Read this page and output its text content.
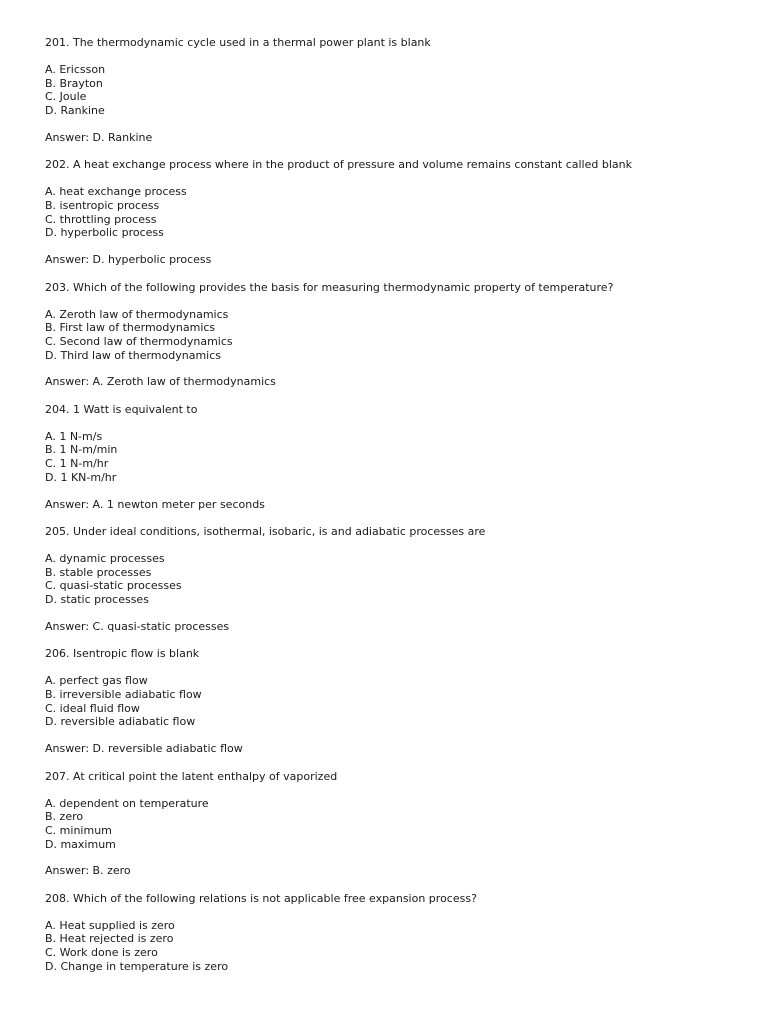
201. The thermodynamic cycle used in a thermal power plant is blank

A. Ericsson
B. Brayton
C. Joule
D. Rankine

Answer: D. Rankine

202. A heat exchange process where in the product of pressure and volume remains constant called blank

A. heat exchange process
B. isentropic process
C. throttling process
D. hyperbolic process

Answer: D. hyperbolic process

203. Which of the following provides the basis for measuring thermodynamic property of temperature?

A. Zeroth law of thermodynamics
B. First law of thermodynamics
C. Second law of thermodynamics
D. Third law of thermodynamics

Answer: A. Zeroth law of thermodynamics

204. 1 Watt is equivalent to

A. 1 N-m/s
B. 1 N-m/min
C. 1 N-m/hr
D. 1 KN-m/hr

Answer: A. 1 newton meter per seconds

205. Under ideal conditions, isothermal, isobaric, is and adiabatic processes are

A. dynamic processes
B. stable processes
C. quasi-static processes
D. static processes

Answer: C. quasi-static processes

206. Isentropic flow is blank

A. perfect gas flow
B. irreversible adiabatic flow
C. ideal fluid flow
D. reversible adiabatic flow

Answer: D. reversible adiabatic flow

207. At critical point the latent enthalpy of vaporized

A. dependent on temperature
B. zero
C. minimum
D. maximum

Answer: B. zero

208. Which of the following relations is not applicable free expansion process?

A. Heat supplied is zero
B. Heat rejected is zero
C. Work done is zero
D. Change in temperature is zero
